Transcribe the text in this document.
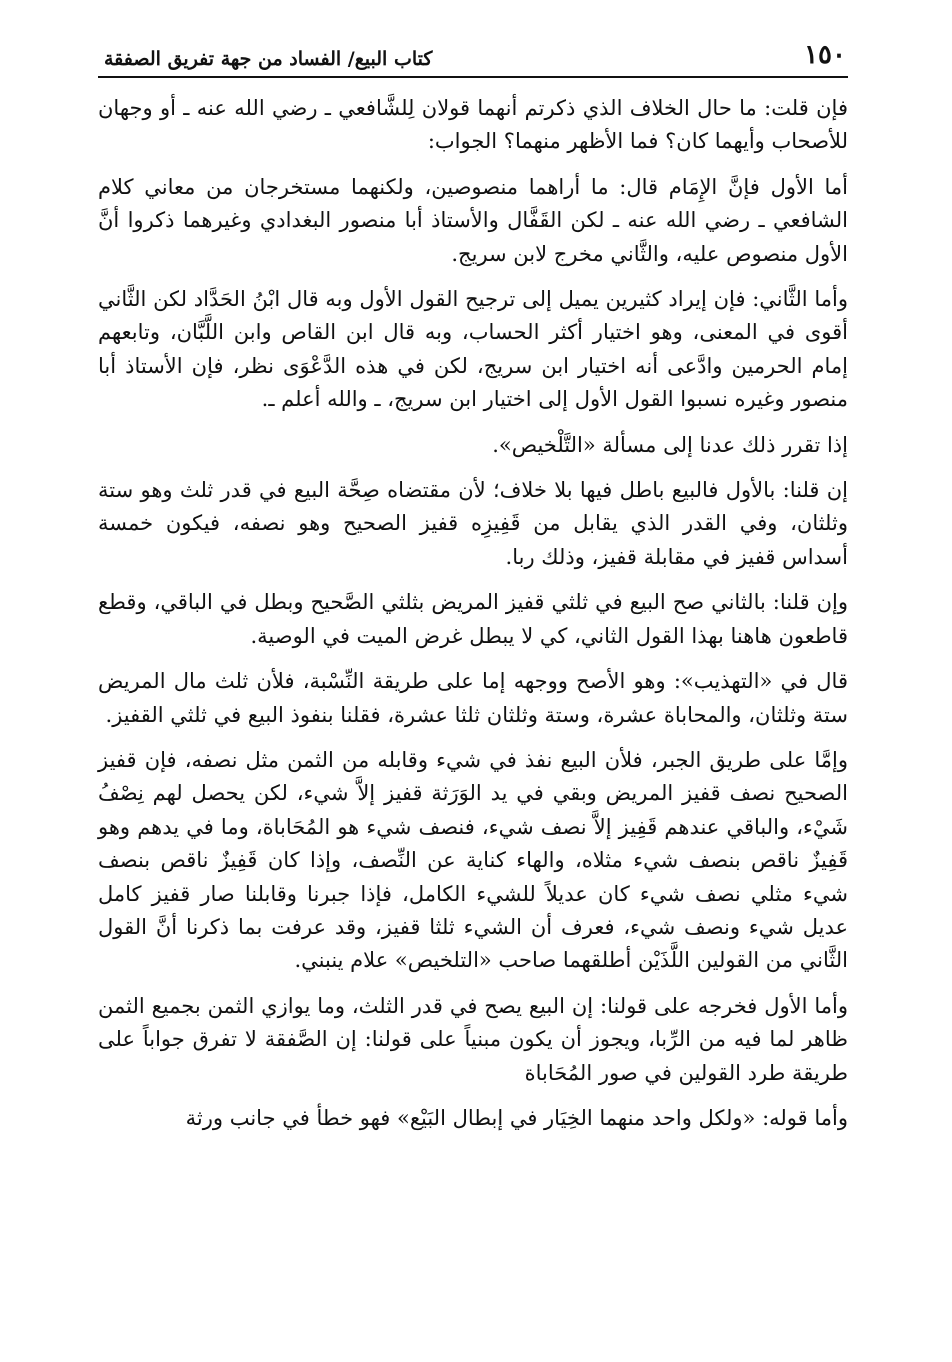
١٥٠
كتاب البيع/ الفساد من جهة تفريق الصفقة

فإن قلت: ما حال الخلاف الذي ذكرتم أنهما قولان لِلشَّافعي ـ رضي الله عنه ـ أو وجهان للأصحاب وأيهما كان؟ فما الأظهر منهما؟ الجواب:

أما الأول فإنَّ الإِمَام قال: ما أراهما منصوصين، ولكنهما مستخرجان من معاني كلام الشافعي ـ رضي الله عنه ـ لكن القَفَّال والأستاذ أبا منصور البغدادي وغيرهما ذكروا أنَّ الأول منصوص عليه، والثَّاني مخرج لابن سريج.

وأما الثَّاني: فإن إيراد كثيرين يميل إلى ترجيح القول الأول وبه قال ابْنُ الحَدَّاد لكن الثَّاني أقوى في المعنى، وهو اختيار أكثر الحساب، وبه قال ابن القاص وابن اللَّبَّان، وتابعهم إمام الحرمين وادَّعى أنه اختيار ابن سريج، لكن في هذه الدَّعْوَى نظر، فإن الأستاذ أبا منصور وغيره نسبوا القول الأول إلى اختيار ابن سريج، ـ والله أعلم ـ.

إذا تقرر ذلك عدنا إلى مسألة «التَّلْخيص».

إن قلنا: بالأول فالبيع باطل فيها بلا خلاف؛ لأن مقتضاه صِحَّة البيع في قدر ثلث وهو ستة وثلثان، وفي القدر الذي يقابل من قَفِيزِه قفيز الصحيح وهو نصفه، فيكون خمسة أسداس قفيز في مقابلة قفيز، وذلك ربا.

وإن قلنا: بالثاني صح البيع في ثلثي قفيز المريض بثلثي الصَّحيح وبطل في الباقي، وقطع قاطعون هاهنا بهذا القول الثاني، كي لا يبطل غرض الميت في الوصية.

قال في «التهذيب»: وهو الأصح ووجهه إما على طريقة النِّسْبة، فلأن ثلث مال المريض ستة وثلثان، والمحاباة عشرة، وستة وثلثان ثلثا عشرة، فقلنا بنفوذ البيع في ثلثي القفيز.

وإمَّا على طريق الجبر، فلأن البيع نفذ في شيء وقابله من الثمن مثل نصفه، فإن قفيز الصحيح نصف قفيز المريض وبقي في يد الوَرَثة قفيز إلاَّ شيء، لكن يحصل لهم نِصْفُ شَيْء، والباقي عندهم قَفِيز إلاَّ نصف شيء، فنصف شيء هو المُحَاباة، وما في يدهم وهو قَفِيزٌ ناقص بنصف شيء مثلاه، والهاء كناية عن النِّصف، وإذا كان قَفِيزٌ ناقص بنصف شيء مثلي نصف شيء كان عديلاً للشيء الكامل، فإذا جبرنا وقابلنا صار قفيز كامل عديل شيء ونصف شيء، فعرف أن الشيء ثلثا قفيز، وقد عرفت بما ذكرنا أنَّ القول الثَّاني من القولين اللَّذَيْن أطلقهما صاحب «التلخيص» علام ينبني.

وأما الأول فخرجه على قولنا: إن البيع يصح في قدر الثلث، وما يوازي الثمن بجميع الثمن ظاهر لما فيه من الرِّبا، ويجوز أن يكون مبنياً على قولنا: إن الصَّفقة لا تفرق جواباً على طريقة طرد القولين في صور المُحَاباة

وأما قوله: «ولكل واحد منهما الخِيَار في إبطال البَيْع» فهو خطأ في جانب ورثة
